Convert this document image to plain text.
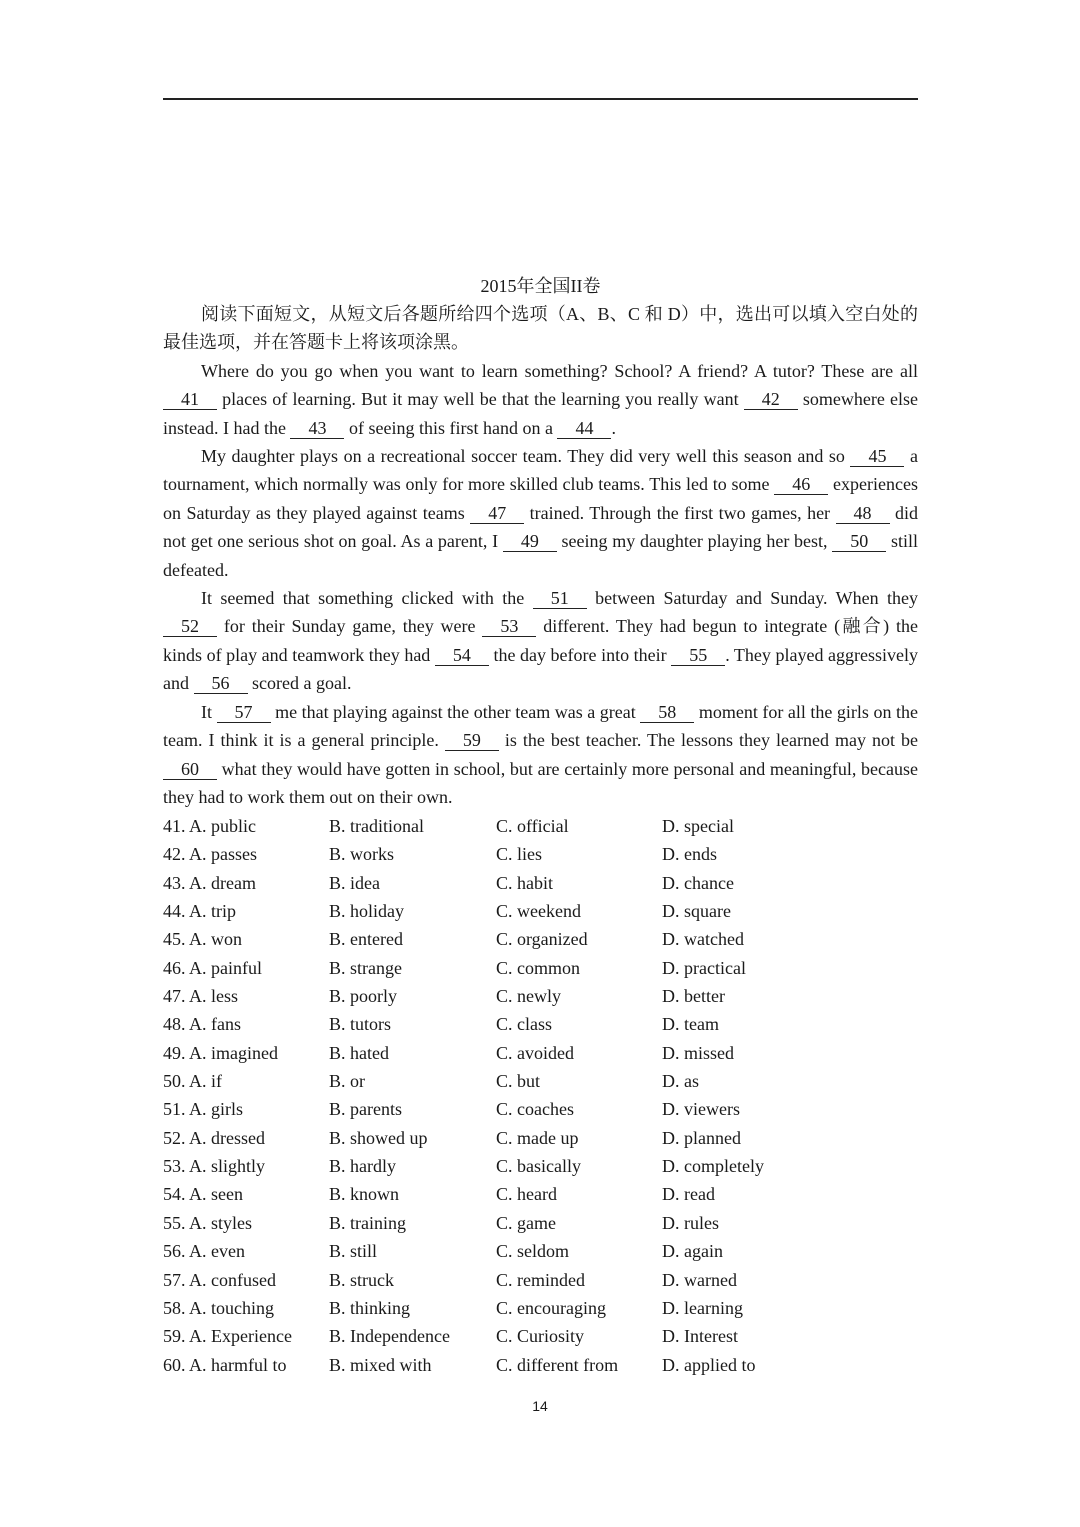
2015年全国II卷

阅读下面短文，从短文后各题所给四个选项（A、B、C 和 D）中，选出可以填入空白处的最佳选项，并在答题卡上将该项涂黑。

Where do you go when you want to learn something? School? A friend? A tutor? These are all 41 places of learning. But it may well be that the learning you really want 42 somewhere else instead. I had the 43 of seeing this first hand on a 44 .

My daughter plays on a recreational soccer team. They did very well this season and so 45 a tournament, which normally was only for more skilled club teams. This led to some 46 experiences on Saturday as they played against teams 47 trained. Through the first two games, her 48 did not get one serious shot on goal. As a parent, I 49 seeing my daughter playing her best, 50 still defeated.

It seemed that something clicked with the 51 between Saturday and Sunday. When they 52 for their Sunday game, they were 53 different. They had begun to integrate (融合) the kinds of play and teamwork they had 54 the day before into their 55 . They played aggressively and 56 scored a goal.

It 57 me that playing against the other team was a great 58 moment for all the girls on the team. I think it is a general principle. 59 is the best teacher. The lessons they learned may not be 60 what they would have gotten in school, but are certainly more personal and meaningful, because they had to work them out on their own.

41. A. public	B. traditional	C. official	D. special
42. A. passes	B. works	C. lies	D. ends
43. A. dream	B. idea	C. habit	D. chance
44. A. trip	B. holiday	C. weekend	D. square
45. A. won	B. entered	C. organized	D. watched
46. A. painful	B. strange	C. common	D. practical
47. A. less	B. poorly	C. newly	D. better
48. A. fans	B. tutors	C. class	D. team
49. A. imagined	B. hated	C. avoided	D. missed
50. A. if	B. or	C. but	D. as
51. A. girls	B. parents	C. coaches	D. viewers
52. A. dressed	B. showed up	C. made up	D. planned
53. A. slightly	B. hardly	C. basically	D. completely
54. A. seen	B. known	C. heard	D. read
55. A. styles	B. training	C. game	D. rules
56. A. even	B. still	C. seldom	D. again
57. A. confused	B. struck	C. reminded	D. warned
58. A. touching	B. thinking	C. encouraging	D. learning
59. A. Experience B. Independence	C. Curiosity	D. Interest
60. A. harmful to B. mixed with	C. different from D. applied to
14
